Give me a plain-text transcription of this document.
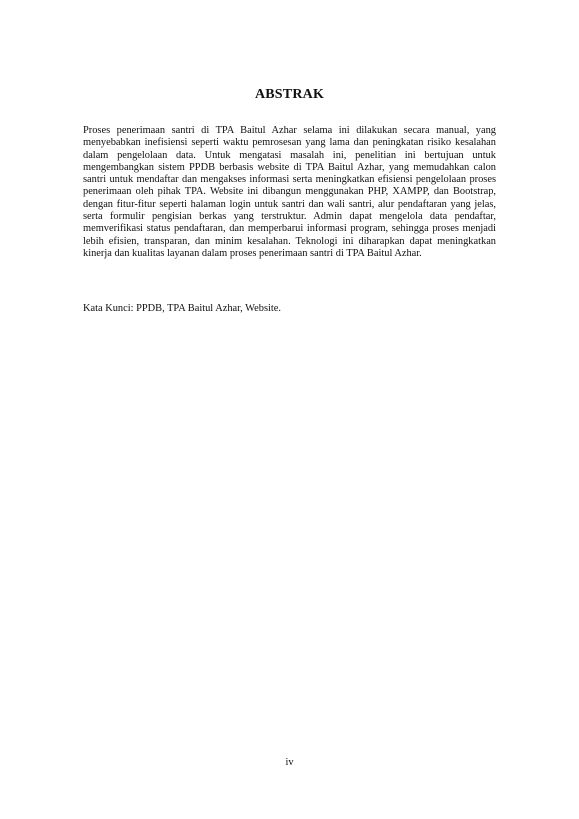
ABSTRAK

Proses penerimaan santri di TPA Baitul Azhar selama ini dilakukan secara manual, yang menyebabkan inefisiensi seperti waktu pemrosesan yang lama dan peningkatan risiko kesalahan dalam pengelolaan data. Untuk mengatasi masalah ini, penelitian ini bertujuan untuk mengembangkan sistem PPDB berbasis website di TPA Baitul Azhar, yang memudahkan calon santri untuk mendaftar dan mengakses informasi serta meningkatkan efisiensi pengelolaan proses penerimaan oleh pihak TPA. Website ini dibangun menggunakan PHP, XAMPP, dan Bootstrap, dengan fitur-fitur seperti halaman login untuk santri dan wali santri, alur pendaftaran yang jelas, serta formulir pengisian berkas yang terstruktur. Admin dapat mengelola data pendaftar, memverifikasi status pendaftaran, dan memperbarui informasi program, sehingga proses menjadi lebih efisien, transparan, dan minim kesalahan. Teknologi ini diharapkan dapat meningkatkan kinerja dan kualitas layanan dalam proses penerimaan santri di TPA Baitul Azhar.

Kata Kunci: PPDB, TPA Baitul Azhar, Website.

iv
